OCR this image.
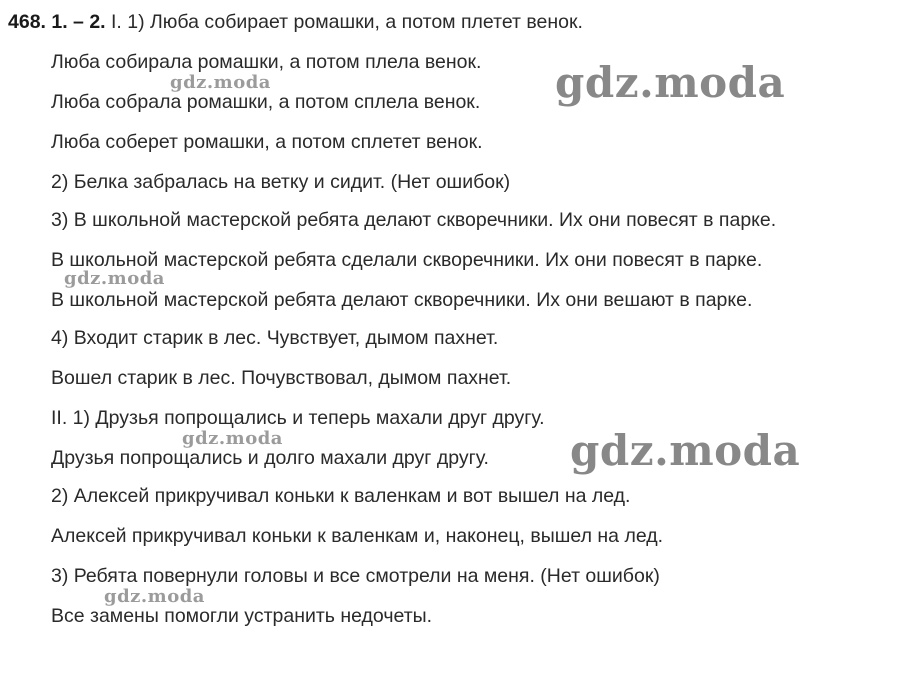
468. 1. – 2. I. 1) Люба собирает ромашки, а потом плетет венок.
Люба собирала ромашки, а потом плела венок.
Люба собрала ромашки, а потом сплела венок.
Люба соберет ромашки, а потом сплетет венок.
2) Белка забралась на ветку и сидит. (Нет ошибок)
3) В школьной мастерской ребята делают скворечники. Их они повесят в парке.
В школьной мастерской ребята сделали скворечники. Их они повесят в парке.
В школьной мастерской ребята делают скворечники. Их они вешают в парке.
4) Входит старик в лес. Чувствует, дымом пахнет.
Вошел старик в лес. Почувствовал, дымом пахнет.
II. 1) Друзья попрощались и теперь махали друг другу.
Друзья попрощались и долго махали друг другу.
2) Алексей прикручивал коньки к валенкам и вот вышел на лед.
Алексей прикручивал коньки к валенкам и, наконец, вышел на лед.
3) Ребята повернули головы и все смотрели на меня. (Нет ошибок)
Все замены помогли устранить недочеты.
gdz.moda	gdz.moda
gdz.moda
gdz.moda	gdz.moda
gdz.moda
